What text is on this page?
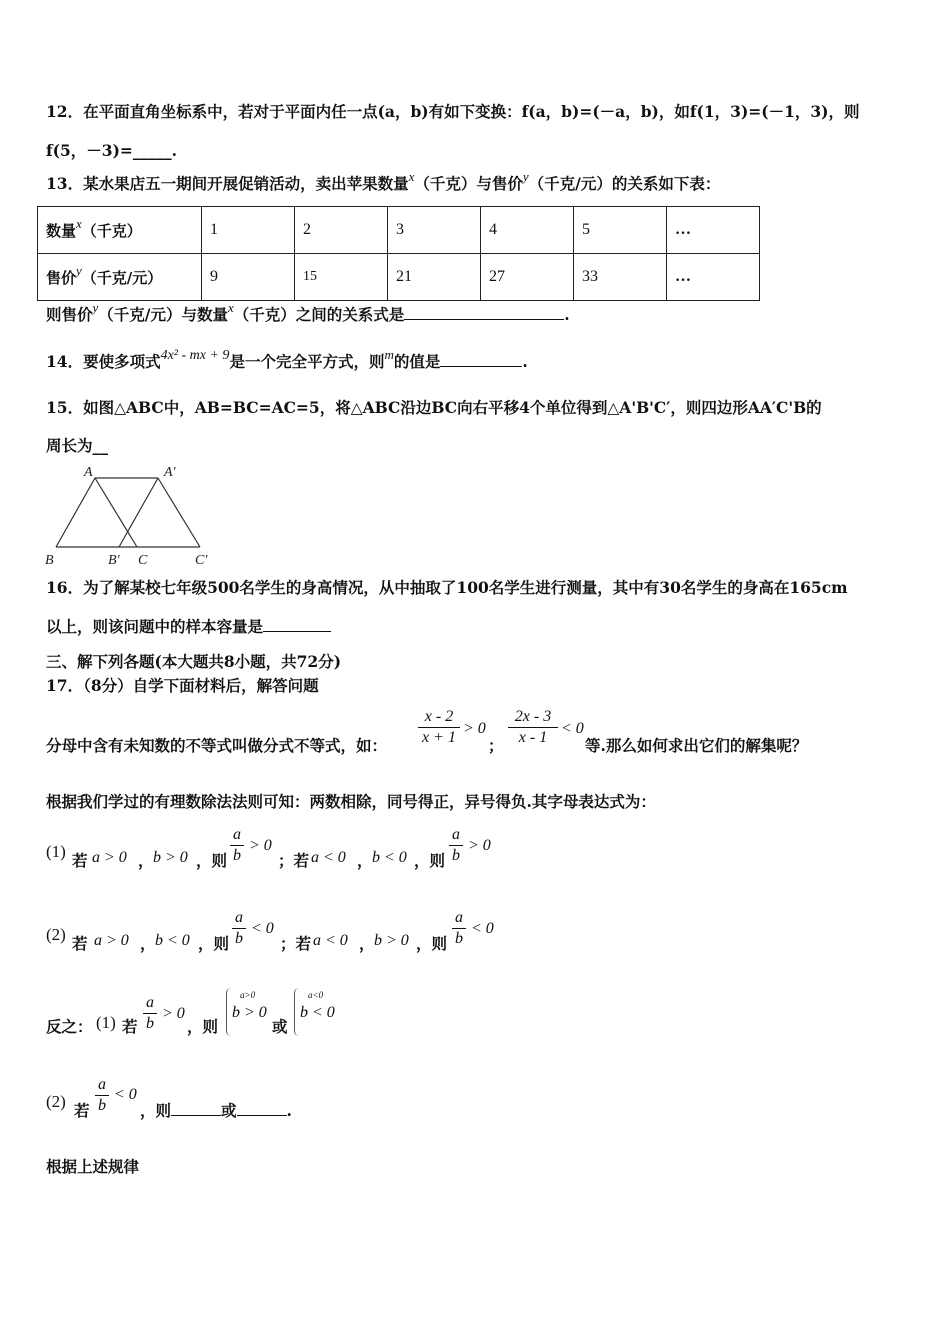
12．在平面直角坐标系中，若对于平面内任一点(a，b)有如下变换：f(a，b)=(－a，b)，如f(1，3)=(－1，3)，则
f(5，－3)=_____.
13．某水果店五一期间开展促销活动，卖出苹果数量$^x$（千克）与售价$^y$（千克/元）的关系如下表：
数量x（千克）	1	2	3	4	5	…
售价y（千克/元）	9	15	21	27	33	…
则售价$^y$（千克/元）与数量$^x$（千克）之间的关系式是	.
14．要使多项式4x² - mx + 9是一个完全平方式，则$^m$的值是	.
15．如图△ABC中，AB=BC=AC=5，将△ABC沿边BC向右平移4个单位得到△A'B'C′，则四边形AA′C'B的
周长为__
A	A'
B	B' C	C'
16．为了解某校七年级500名学生的身高情况，从中抽取了100名学生进行测量，其中有30名学生的身高在165cm
以上，则该问题中的样本容量是
三、解下列各题(本大题共8小题，共72分)
17．（8分）自学下面材料后，解答问题
分母中含有未知数的不等式叫做分式不等式，如：
x - 2
x + 1
> 0
；
2x - 3
x - 1
< 0
等.那么如何求出它们的解集呢？
根据我们学过的有理数除法法则可知：两数相除，同号得正，异号得负.其字母表达式为：
(1) 若 a > 0 ， b > 0 ，则
a
b
> 0
；若 a < 0 ， b < 0 ，则
a
b
> 0
(2) 若 a > 0 ， b < 0 ，则
a
b
< 0
；若 a < 0 ， b > 0 ，则
a
b
< 0
反之： (1) 若
a
b
> 0
，则
a>0
b > 0
或
a<0
b < 0
(2) 若
a
b
< 0
，则	或	.
根据上述规律
